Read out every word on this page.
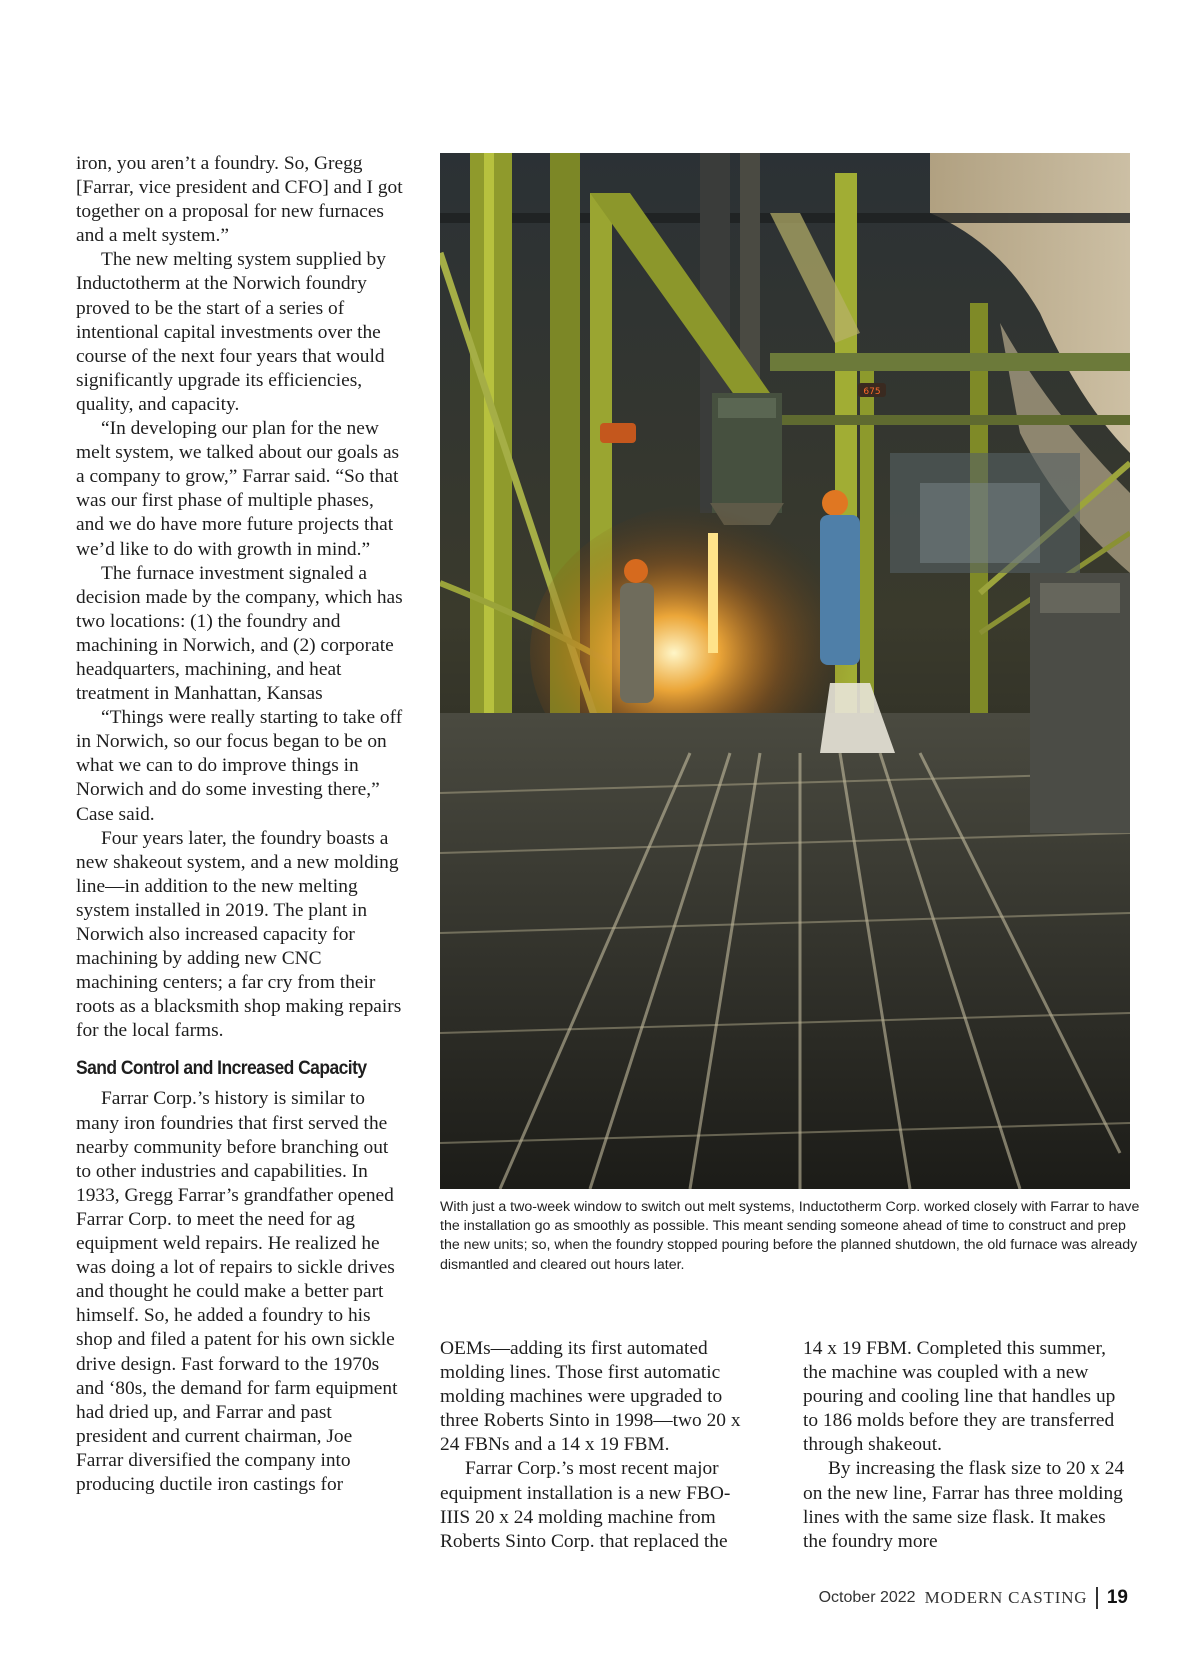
iron, you aren’t a foundry. So, Gregg [Farrar, vice president and CFO] and I got together on a proposal for new furnaces and a melt system.”

The new melting system supplied by Inductotherm at the Norwich foundry proved to be the start of a series of intentional capital investments over the course of the next four years that would significantly upgrade its efficiencies, quality, and capacity.

“In developing our plan for the new melt system, we talked about our goals as a company to grow,” Farrar said. “So that was our first phase of multiple phases, and we do have more future projects that we’d like to do with growth in mind.”

The furnace investment signaled a decision made by the company, which has two locations: (1) the foundry and machining in Norwich, and (2) corporate headquarters, machining, and heat treatment in Manhattan, Kansas

“Things were really starting to take off in Norwich, so our focus began to be on what we can to do improve things in Norwich and do some investing there,” Case said.

Four years later, the foundry boasts a new shakeout system, and a new molding line—in addition to the new melting system installed in 2019. The plant in Norwich also increased capacity for machining by adding new CNC machining centers; a far cry from their roots as a blacksmith shop making repairs for the local farms.

Sand Control and Increased Capacity

Farrar Corp.’s history is similar to many iron foundries that first served the nearby community before branching out to other industries and capabilities. In 1933, Gregg Farrar’s grandfather opened Farrar Corp. to meet the need for ag equipment weld repairs. He realized he was doing a lot of repairs to sickle drives and thought he could make a better part himself. So, he added a foundry to his shop and filed a patent for his own sickle drive design. Fast forward to the 1970s and ‘80s, the demand for farm equipment had dried up, and Farrar and past president and current chairman, Joe Farrar diversified the company into producing ductile iron castings for

675
With just a two-week window to switch out melt systems, Inductotherm Corp. worked closely with Farrar to have the installation go as smoothly as possible. This meant sending someone ahead of time to construct and prep the new units; so, when the foundry stopped pouring before the planned shutdown, the old furnace was already dismantled and cleared out hours later.

OEMs—adding its first automated molding lines. Those first automatic molding machines were upgraded to three Roberts Sinto in 1998—two 20 x 24 FBNs and a 14 x 19 FBM.

Farrar Corp.’s most recent major equipment installation is a new FBO-IIIS 20 x 24 molding machine from Roberts Sinto Corp. that replaced the

14 x 19 FBM. Completed this summer, the machine was coupled with a new pouring and cooling line that handles up to 186 molds before they are transferred through shakeout.

By increasing the flask size to 20 x 24 on the new line, Farrar has three molding lines with the same size flask. It makes the foundry more

October 2022 MODERN CASTING 19
